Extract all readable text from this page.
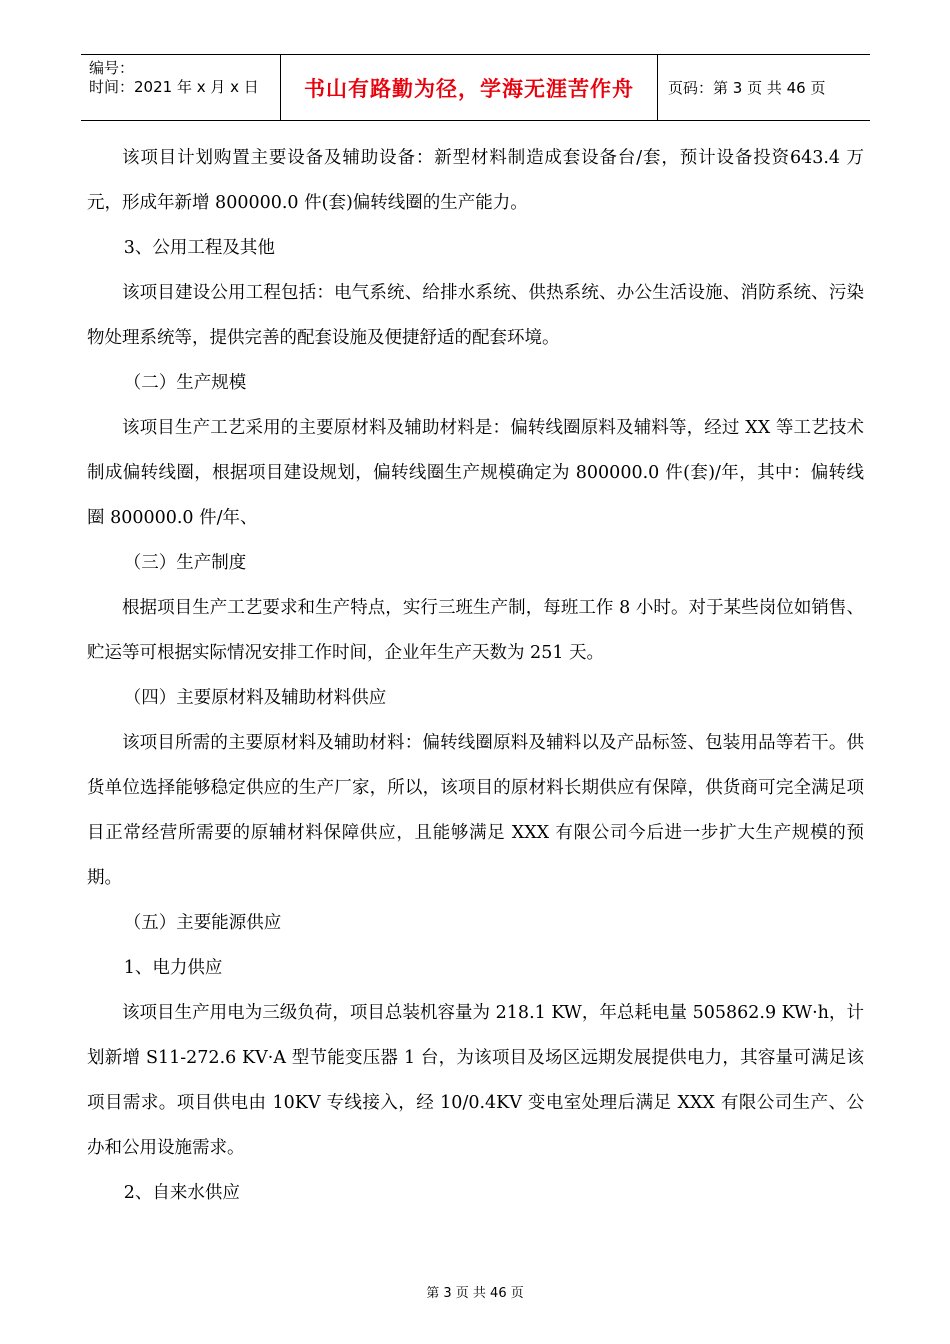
编号：
时间：2021 年 x 月 x 日	书山有路勤为径，学海无涯苦作舟	页码：第 3 页 共 46 页

该项目计划购置主要设备及辅助设备：新型材料制造成套设备台/套，预计设备投资643.4 万元，形成年新增 800000.0 件(套)偏转线圈的生产能力。

3、公用工程及其他

该项目建设公用工程包括：电气系统、给排水系统、供热系统、办公生活设施、消防系统、污染物处理系统等，提供完善的配套设施及便捷舒适的配套环境。

（二）生产规模

该项目生产工艺采用的主要原材料及辅助材料是：偏转线圈原料及辅料等，经过 XX 等工艺技术制成偏转线圈，根据项目建设规划，偏转线圈生产规模确定为 800000.0 件(套)/年，其中：偏转线圈 800000.0 件/年、

（三）生产制度

根据项目生产工艺要求和生产特点，实行三班生产制，每班工作 8 小时。对于某些岗位如销售、贮运等可根据实际情况安排工作时间，企业年生产天数为 251 天。

（四）主要原材料及辅助材料供应

该项目所需的主要原材料及辅助材料：偏转线圈原料及辅料以及产品标签、包装用品等若干。供货单位选择能够稳定供应的生产厂家，所以，该项目的原材料长期供应有保障，供货商可完全满足项目正常经营所需要的原辅材料保障供应，且能够满足 XXX 有限公司今后进一步扩大生产规模的预期。

（五）主要能源供应

1、电力供应

该项目生产用电为三级负荷，项目总装机容量为 218.1 KW，年总耗电量 505862.9 KW·h，计划新增 S11-272.6 KV·A 型节能变压器 1 台，为该项目及场区远期发展提供电力，其容量可满足该项目需求。项目供电由 10KV 专线接入，经 10/0.4KV 变电室处理后满足 XXX 有限公司生产、公办和公用设施需求。

2、自来水供应

第 3 页 共 46 页
